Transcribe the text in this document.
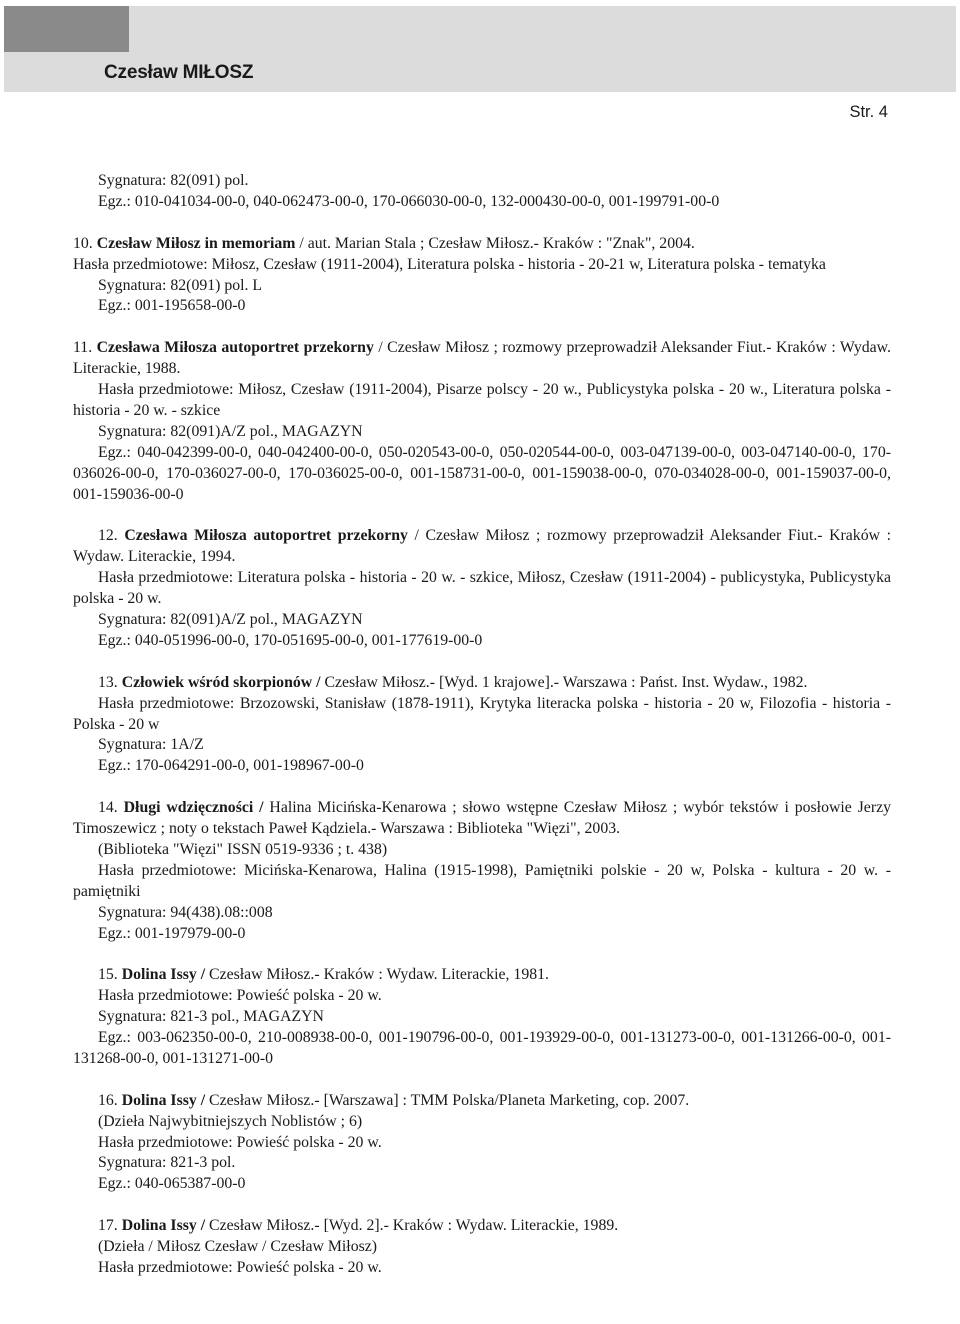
Czesław MIŁOSZ
Str. 4

Sygnatura: 82(091) pol.

Egz.: 010-041034-00-0, 040-062473-00-0, 170-066030-00-0, 132-000430-00-0, 001-199791-00-0

10. Czesław Miłosz in memoriam / aut. Marian Stala ; Czesław Miłosz.- Kraków : "Znak", 2004.
Hasła przedmiotowe: Miłosz, Czesław (1911-2004), Literatura polska - historia - 20-21 w, Literatura polska - tematyka

Sygnatura: 82(091) pol. L

Egz.: 001-195658-00-0

11. Czesława Miłosza autoportret przekorny / Czesław Miłosz ; rozmowy przeprowadził Aleksander Fiut.- Kraków : Wydaw. Literackie, 1988.
Hasła przedmiotowe: Miłosz, Czesław (1911-2004), Pisarze polscy - 20 w., Publicystyka polska - 20 w., Literatura polska - historia - 20 w. - szkice

Sygnatura: 82(091)A/Z pol., MAGAZYN

Egz.: 040-042399-00-0, 040-042400-00-0, 050-020543-00-0, 050-020544-00-0, 003-047139-00-0, 003-047140-00-0, 170-036026-00-0, 170-036027-00-0, 170-036025-00-0, 001-158731-00-0, 001-159038-00-0, 070-034028-00-0, 001-159037-00-0, 001-159036-00-0
12. Czesława Miłosza autoportret przekorny / Czesław Miłosz ; rozmowy przeprowadził Aleksander Fiut.- Kraków : Wydaw. Literackie, 1994.
Hasła przedmiotowe: Literatura polska - historia - 20 w. - szkice, Miłosz, Czesław (1911-2004) - publicystyka, Publicystyka polska - 20 w.

Sygnatura: 82(091)A/Z pol., MAGAZYN

Egz.: 040-051996-00-0, 170-051695-00-0, 001-177619-00-0

13. Człowiek wśród skorpionów / Czesław Miłosz.- [Wyd. 1 krajowe].- Warszawa : Państ. Inst. Wydaw., 1982.
Hasła przedmiotowe: Brzozowski, Stanisław (1878-1911), Krytyka literacka polska - historia - 20 w, Filozofia - historia - Polska - 20 w

Sygnatura: 1A/Z

Egz.: 170-064291-00-0, 001-198967-00-0

14. Długi wdzięczności / Halina Micińska-Kenarowa ; słowo wstępne Czesław Miłosz ; wybór tekstów i posłowie Jerzy Timoszewicz ; noty o tekstach Paweł Kądziela.- Warszawa : Biblioteka "Więzi", 2003.

(Biblioteka "Więzi" ISSN 0519-9336 ; t. 438)

Hasła przedmiotowe: Micińska-Kenarowa, Halina (1915-1998), Pamiętniki polskie - 20 w, Polska - kultura - 20 w. - pamiętniki

Sygnatura: 94(438).08::008

Egz.: 001-197979-00-0

15. Dolina Issy / Czesław Miłosz.- Kraków : Wydaw. Literackie, 1981.

Hasła przedmiotowe: Powieść polska - 20 w.

Sygnatura: 821-3 pol., MAGAZYN

Egz.: 003-062350-00-0, 210-008938-00-0, 001-190796-00-0, 001-193929-00-0, 001-131273-00-0, 001-131266-00-0, 001-131268-00-0, 001-131271-00-0
16. Dolina Issy / Czesław Miłosz.- [Warszawa] : TMM Polska/Planeta Marketing, cop. 2007.

(Dzieła Najwybitniejszych Noblistów ; 6)

Hasła przedmiotowe: Powieść polska - 20 w.

Sygnatura: 821-3 pol.

Egz.: 040-065387-00-0

17. Dolina Issy / Czesław Miłosz.- [Wyd. 2].- Kraków : Wydaw. Literackie, 1989.

(Dzieła / Miłosz Czesław / Czesław Miłosz)

Hasła przedmiotowe: Powieść polska - 20 w.
